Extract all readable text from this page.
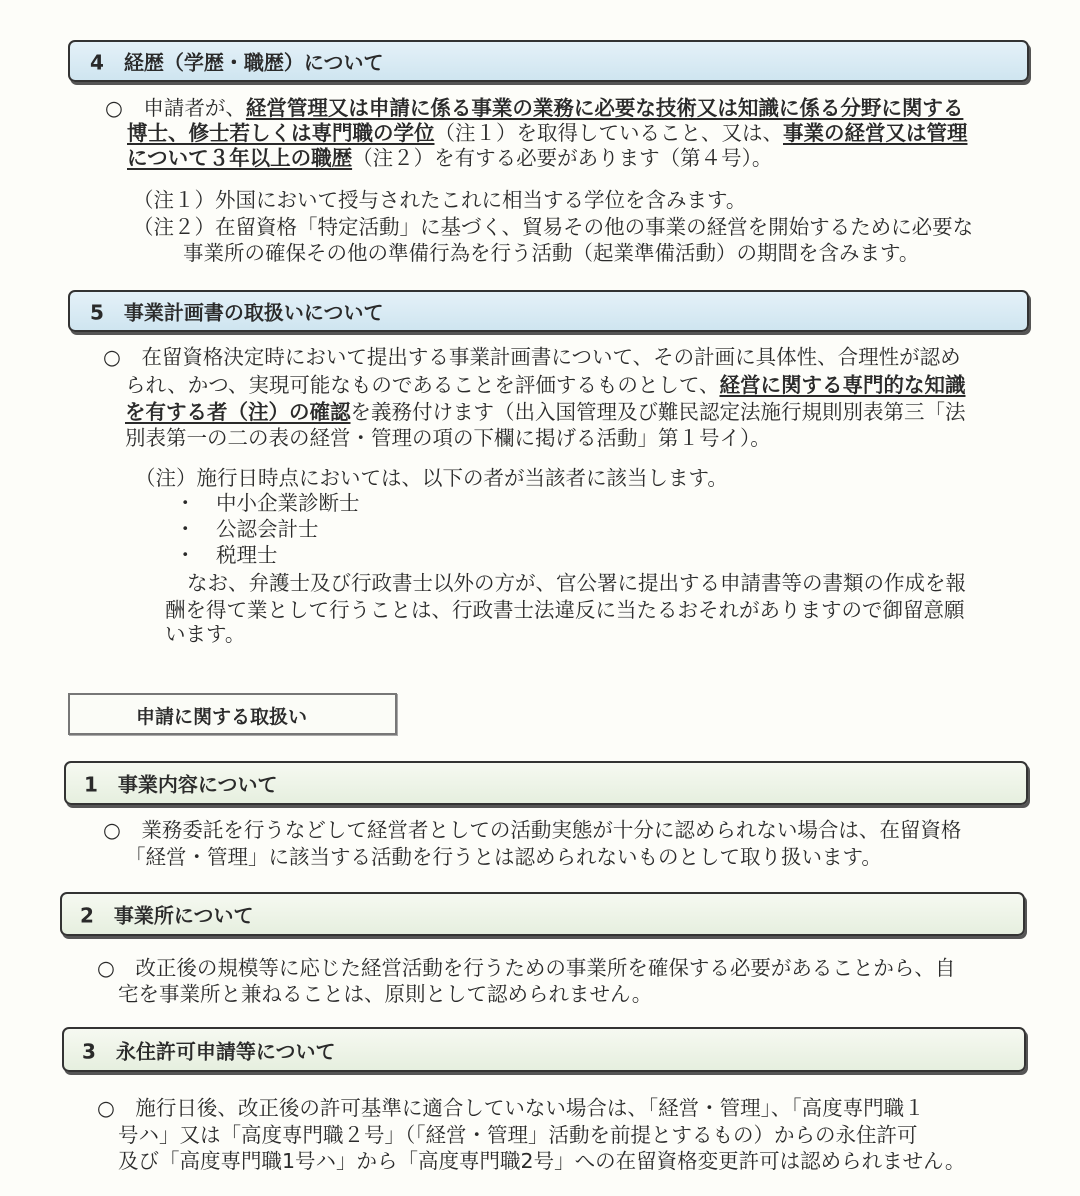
4　経歴（学歴・職歴）について
5　事業計画書の取扱いについて
申請に関する取扱い
1　事業内容について
2　事業所について
3　永住許可申請等について
○　申請者が、経営管理又は申請に係る事業の業務に必要な技術又は知識に係る分野に関する
博士、修士若しくは専門職の学位（注１）を取得していること、又は、事業の経営又は管理
について３年以上の職歴（注２）を有する必要があります（第４号）。
（注１）外国において授与されたこれに相当する学位を含みます。
（注２）在留資格「特定活動」に基づく、貿易その他の事業の経営を開始するために必要な
事業所の確保その他の準備行為を行う活動（起業準備活動）の期間を含みます。
○　在留資格決定時において提出する事業計画書について、その計画に具体性、合理性が認め
られ、かつ、実現可能なものであることを評価するものとして、経営に関する専門的な知識
を有する者（注）の確認を義務付けます（出入国管理及び難民認定法施行規則別表第三「法
別表第一の二の表の経営・管理の項の下欄に掲げる活動」第１号イ）。
（注）施行日時点においては、以下の者が当該者に該当します。
・　中小企業診断士
・　公認会計士
・　税理士
なお、弁護士及び行政書士以外の方が、官公署に提出する申請書等の書類の作成を報
酬を得て業として行うことは、行政書士法違反に当たるおそれがありますので御留意願
います。
○　業務委託を行うなどして経営者としての活動実態が十分に認められない場合は、在留資格
「経営・管理」に該当する活動を行うとは認められないものとして取り扱います。
○　改正後の規模等に応じた経営活動を行うための事業所を確保する必要があることから、自
宅を事業所と兼ねることは、原則として認められません。
○　施行日後、改正後の許可基準に適合していない場合は、「経営・管理」、「高度専門職１
号ハ」又は「高度専門職２号」（「経営・管理」活動を前提とするもの）からの永住許可
及び「高度専門職1号ハ」から「高度専門職2号」への在留資格変更許可は認められません。
